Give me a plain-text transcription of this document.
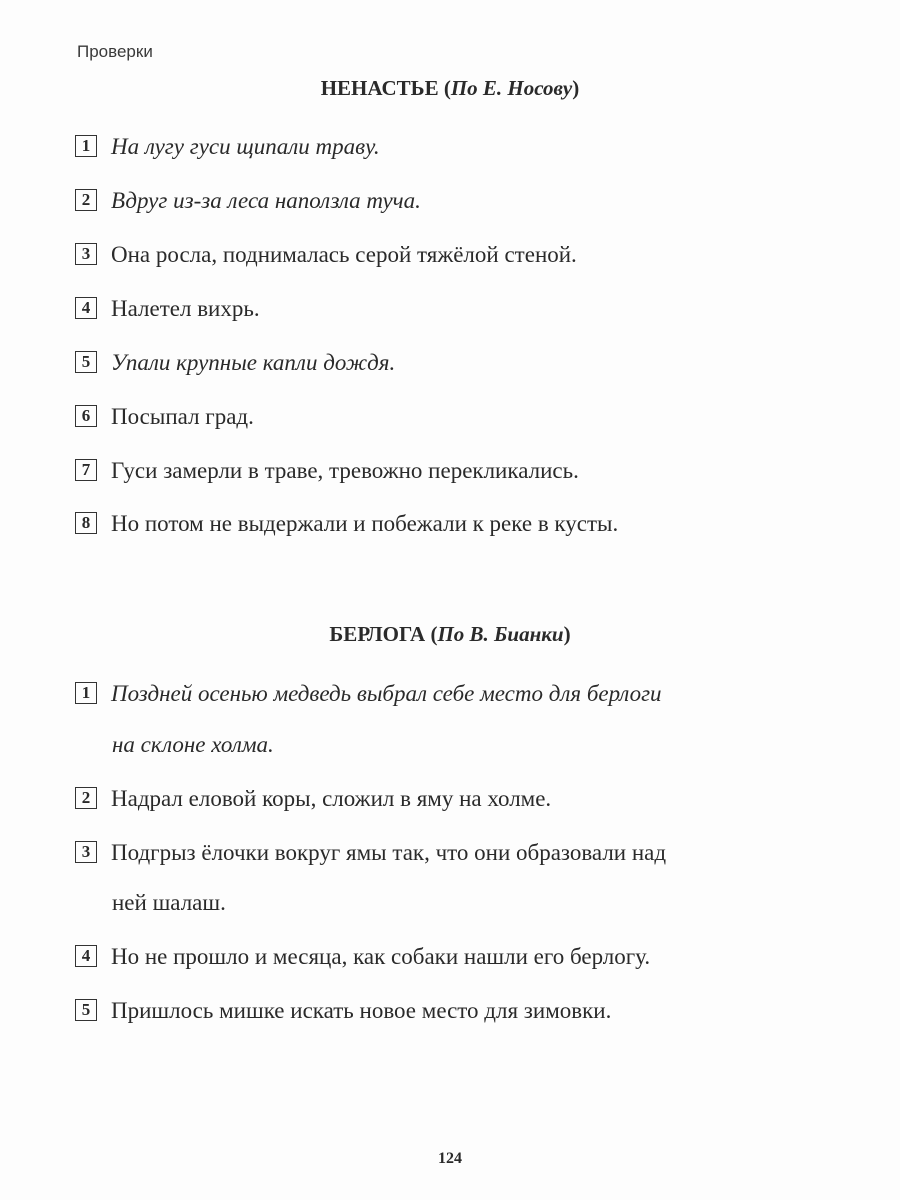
Проверки
НЕНАСТЬЕ (По Е. Носову)
1 На лугу гуси щипали траву.
2 Вдруг из-за леса наползла туча.
3 Она росла, поднималась серой тяжёлой стеной.
4 Налетел вихрь.
5 Упали крупные капли дождя.
6 Посыпал град.
7 Гуси замерли в траве, тревожно перекликались.
8 Но потом не выдержали и побежали к реке в кусты.
БЕРЛОГА (По В. Бианки)
1 Поздней осенью медведь выбрал себе место для берлоги
на склоне холма.
2 Надрал еловой коры, сложил в яму на холме.
3 Подгрыз ёлочки вокруг ямы так, что они образовали над
ней шалаш.
4 Но не прошло и месяца, как собаки нашли его берлогу.
5 Пришлось мишке искать новое место для зимовки.
124
